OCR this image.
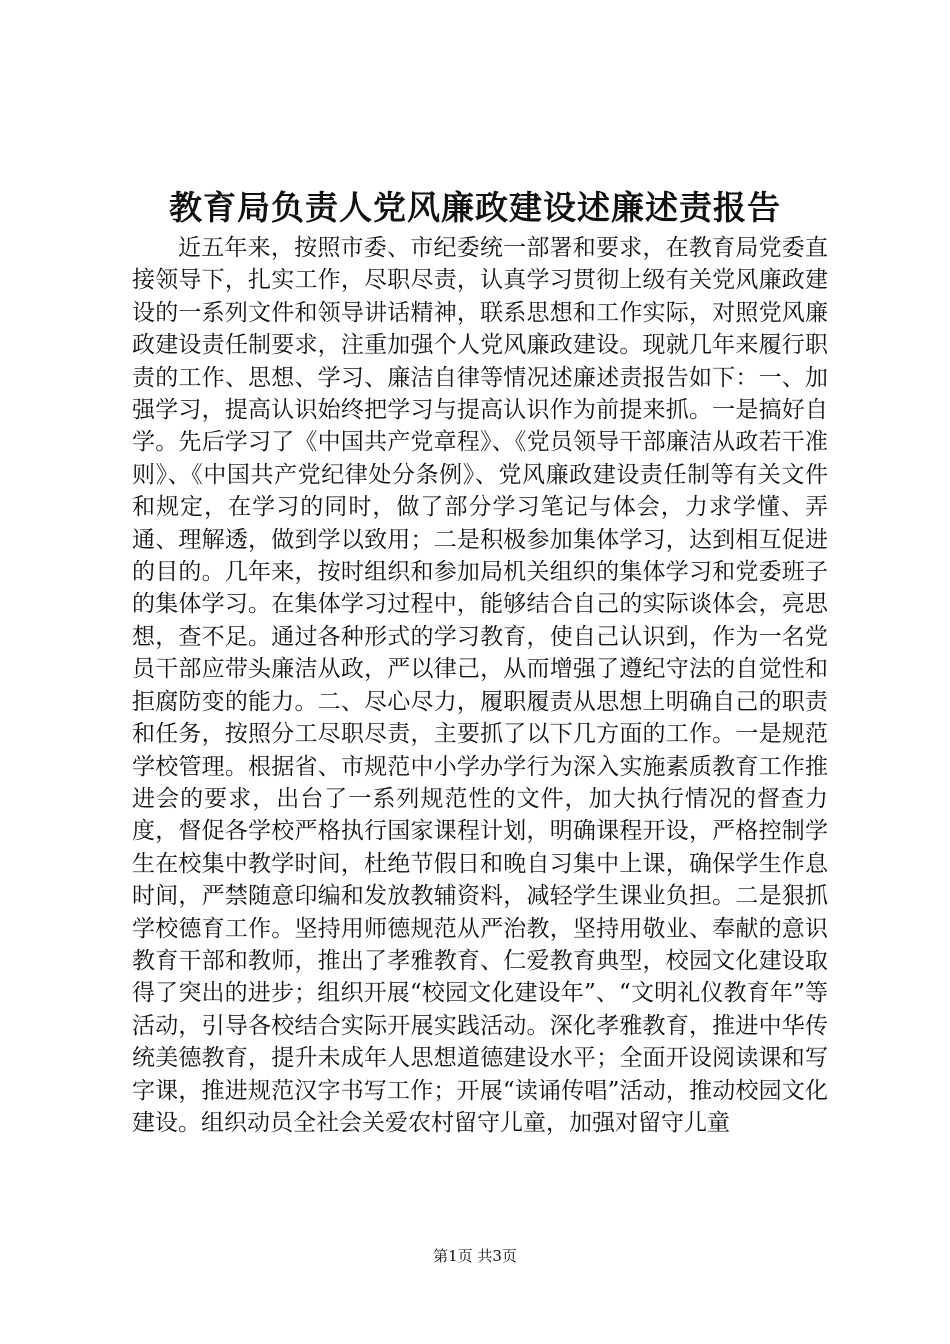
教育局负责人党风廉政建设述廉述责报告

近五年来，按照市委、市纪委统一部署和要求，在教育局党委直接领导下，扎实工作，尽职尽责，认真学习贯彻上级有关党风廉政建设的一系列文件和领导讲话精神，联系思想和工作实际，对照党风廉政建设责任制要求，注重加强个人党风廉政建设。现就几年来履行职责的工作、思想、学习、廉洁自律等情况述廉述责报告如下：一、加强学习，提高认识始终把学习与提高认识作为前提来抓。一是搞好自学。先后学习了《中国共产党章程》、《党员领导干部廉洁从政若干准则》、《中国共产党纪律处分条例》、党风廉政建设责任制等有关文件和规定，在学习的同时，做了部分学习笔记与体会，力求学懂、弄通、理解透，做到学以致用；二是积极参加集体学习，达到相互促进的目的。几年来，按时组织和参加局机关组织的集体学习和党委班子的集体学习。在集体学习过程中，能够结合自己的实际谈体会，亮思想，查不足。通过各种形式的学习教育，使自己认识到，作为一名党员干部应带头廉洁从政，严以律己，从而增强了遵纪守法的自觉性和拒腐防变的能力。二、尽心尽力，履职履责从思想上明确自己的职责和任务，按照分工尽职尽责，主要抓了以下几方面的工作。一是规范学校管理。根据省、市规范中小学办学行为深入实施素质教育工作推进会的要求，出台了一系列规范性的文件，加大执行情况的督查力度，督促各学校严格执行国家课程计划，明确课程开设，严格控制学生在校集中教学时间，杜绝节假日和晚自习集中上课，确保学生作息时间，严禁随意印编和发放教辅资料，减轻学生课业负担。二是狠抓学校德育工作。坚持用师德规范从严治教，坚持用敬业、奉献的意识教育干部和教师，推出了孝雅教育、仁爱教育典型，校园文化建设取得了突出的进步；组织开展“校园文化建设年”、“文明礼仪教育年”等活动，引导各校结合实际开展实践活动。深化孝雅教育，推进中华传统美德教育，提升未成年人思想道德建设水平；全面开设阅读课和写字课，推进规范汉字书写工作；开展“读诵传唱”活动，推动校园文化建设。组织动员全社会关爱农村留守儿童，加强对留守儿童

第1页 共3页
